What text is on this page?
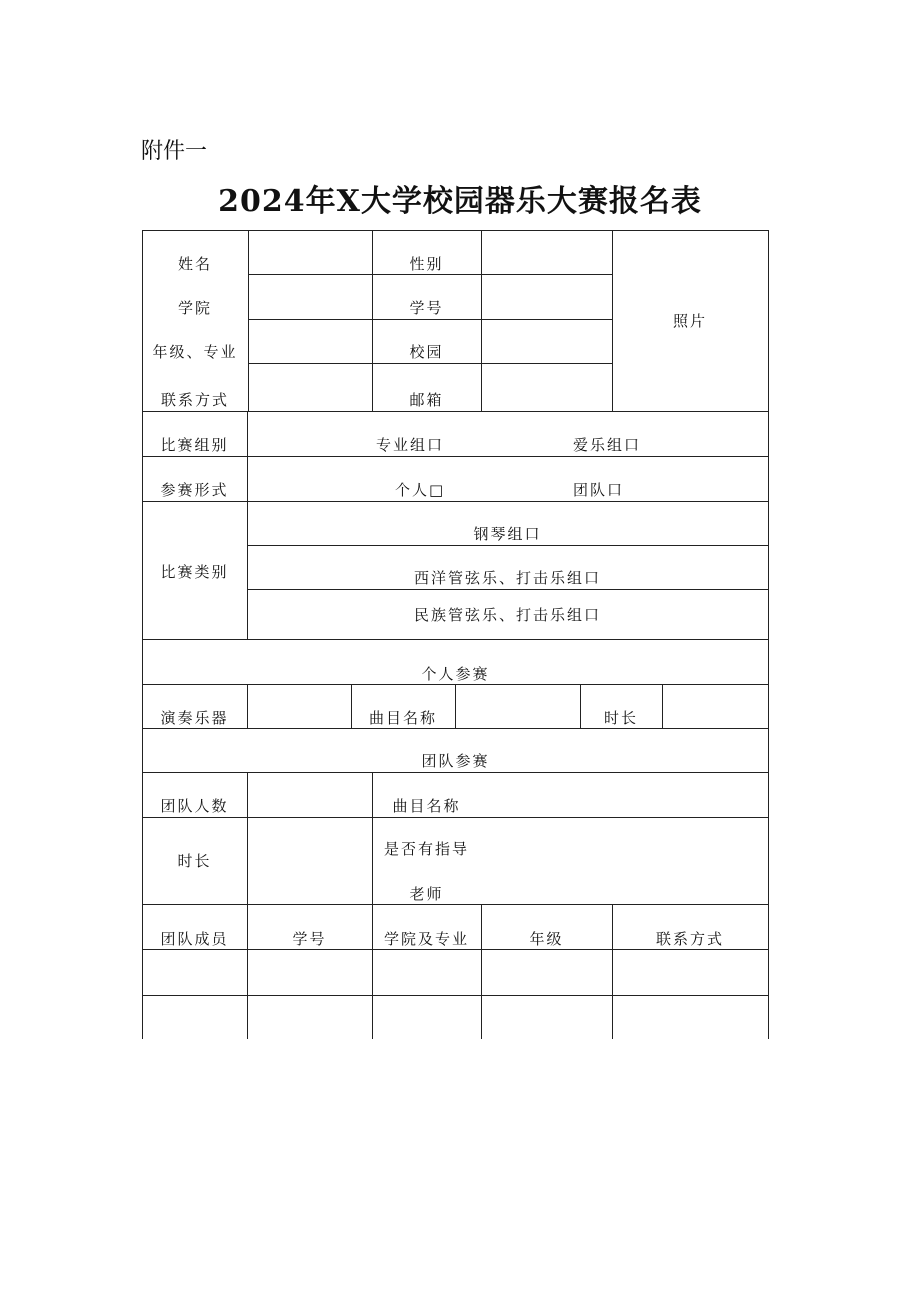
附件一
2024年X大学校园器乐大赛报名表
姓名	性别
学院	学号
年级、专业	校园
联系方式	邮箱
照片
比赛组别	专业组口	爱乐组口
参赛形式	个人□	团队口
比赛类别
钢琴组口
西洋管弦乐、打击乐组口
民族管弦乐、打击乐组口
个人参赛
演奏乐器	曲目名称	时长
团队参赛
团队人数	曲目名称
时长
是否有指导
老师
团队成员	学号	学院及专业	年级	联系方式
